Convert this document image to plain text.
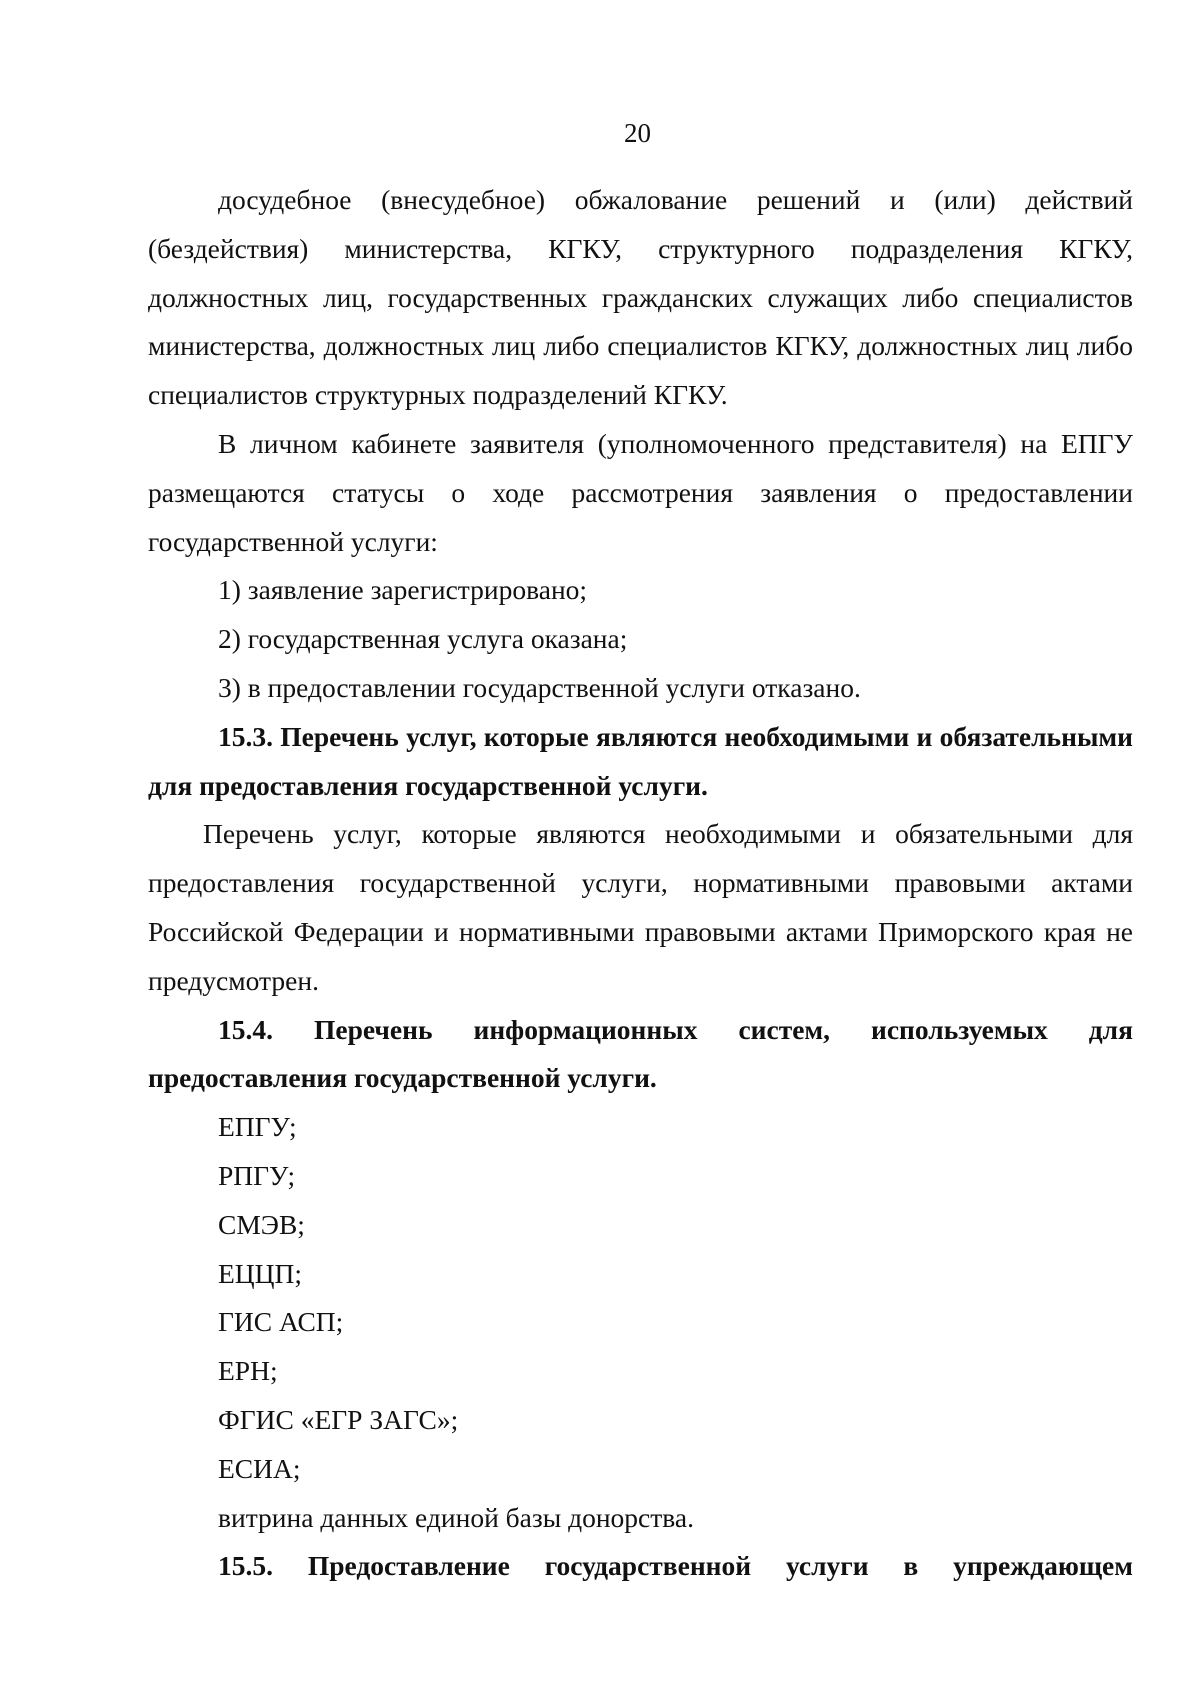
20

досудебное (внесудебное) обжалование решений и (или) действий (бездействия) министерства, КГКУ, структурного подразделения КГКУ, должностных лиц, государственных гражданских служащих либо специалистов министерства, должностных лиц либо специалистов КГКУ, должностных лиц либо специалистов структурных подразделений КГКУ.

В личном кабинете заявителя (уполномоченного представителя) на ЕПГУ размещаются статусы о ходе рассмотрения заявления о предоставлении государственной услуги:

1) заявление зарегистрировано;

2) государственная услуга оказана;

3) в предоставлении государственной услуги отказано.

15.3. Перечень услуг, которые являются необходимыми и обязательными для предоставления государственной услуги.

Перечень услуг, которые являются необходимыми и обязательными для предоставления государственной услуги, нормативными правовыми актами Российской Федерации и нормативными правовыми актами Приморского края не предусмотрен.

15.4. Перечень информационных систем, используемых для предоставления государственной услуги.

ЕПГУ;

РПГУ;

СМЭВ;

ЕЦЦП;

ГИС АСП;

ЕРН;

ФГИС «ЕГР ЗАГС»;

ЕСИА;

витрина данных единой базы донорства.

15.5. Предоставление государственной услуги в упреждающем
